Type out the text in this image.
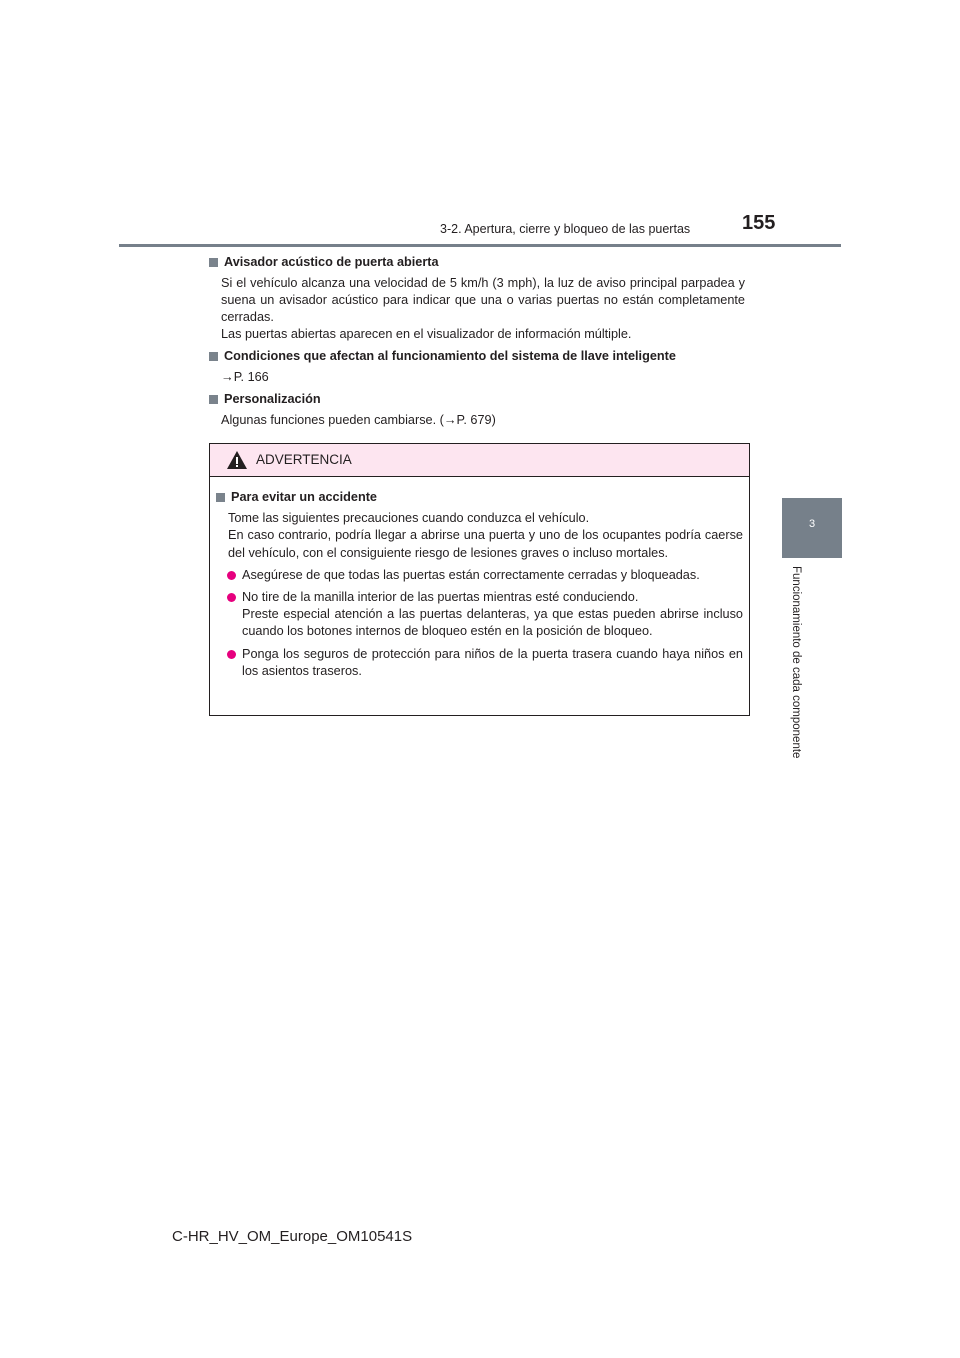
3-2. Apertura, cierre y bloqueo de las puertas	155
3
Funcionamiento de cada componente
Avisador acústico de puerta abierta

Si el vehículo alcanza una velocidad de 5 km/h (3 mph), la luz de aviso principal parpadea y suena un avisador acústico para indicar que una o varias puertas no están completamente cerradas.

Las puertas abiertas aparecen en el visualizador de información múltiple.

Condiciones que afectan al funcionamiento del sistema de llave inteligente

→P. 166

Personalización

Algunas funciones pueden cambiarse. (→P. 679)

ADVERTENCIA
Para evitar un accidente

Tome las siguientes precauciones cuando conduzca el vehículo.

En caso contrario, podría llegar a abrirse una puerta y uno de los ocupantes podría caerse del vehículo, con el consiguiente riesgo de lesiones graves o incluso mortales.

Asegúrese de que todas las puertas están correctamente cerradas y bloqueadas.

No tire de la manilla interior de las puertas mientras esté conduciendo.

Preste especial atención a las puertas delanteras, ya que estas pueden abrirse incluso cuando los botones internos de bloqueo estén en la posición de bloqueo.

Ponga los seguros de protección para niños de la puerta trasera cuando haya niños en los asientos traseros.

C-HR_HV_OM_Europe_OM10541S
